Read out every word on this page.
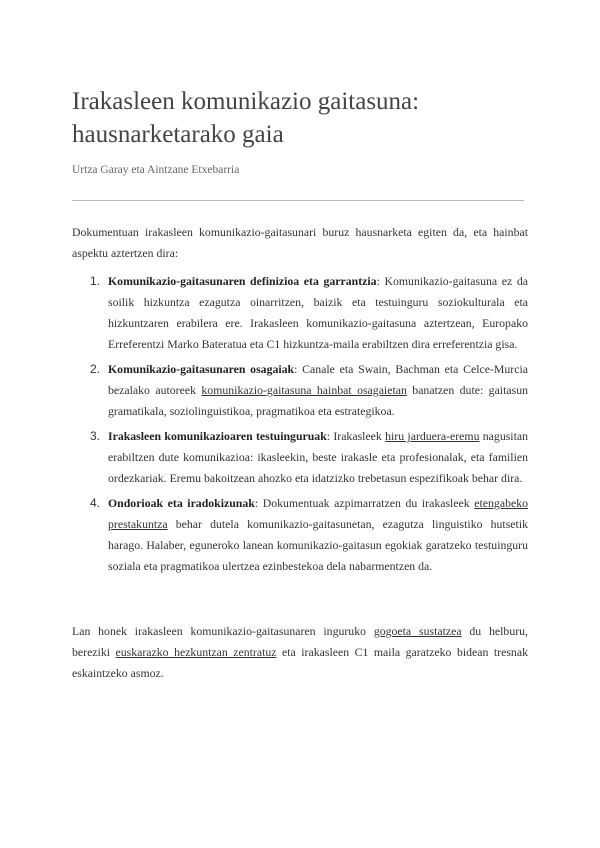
Irakasleen komunikazio gaitasuna: hausnarketarako gaia

Urtza Garay eta Aintzane Etxebarria

Dokumentuan irakasleen komunikazio-gaitasunari buruz hausnarketa egiten da, eta hainbat aspektu aztertzen dira:

1. Komunikazio-gaitasunaren definizioa eta garrantzia: Komunikazio-gaitasuna ez da soilik hizkuntza ezagutza oinarritzen, baizik eta testuinguru soziokulturala eta hizkuntzaren erabilera ere. Irakasleen komunikazio-gaitasuna aztertzean, Europako Erreferentzi Marko Bateratua eta C1 hizkuntza-maila erabiltzen dira erreferentzia gisa.
2. Komunikazio-gaitasunaren osagaiak: Canale eta Swain, Bachman eta Celce-Murcia bezalako autoreek komunikazio-gaitasuna hainbat osagaietan banatzen dute: gaitasun gramatikala, soziolinguistikoa, pragmatikoa eta estrategikoa.
3. Irakasleen komunikazioaren testuinguruak: Irakasleek hiru jarduera-eremu nagusitan erabiltzen dute komunikazioa: ikasleekin, beste irakasle eta profesionalak, eta familien ordezkariak. Eremu bakoitzean ahozko eta idatzizko trebetasun espezifikoak behar dira.
4. Ondorioak eta iradokizunak: Dokumentuak azpimarratzen du irakasleek etengabeko prestakuntza behar dutela komunikazio-gaitasunetan, ezagutza linguistiko hutsetik harago. Halaber, eguneroko lanean komunikazio-gaitasun egokiak garatzeko testuinguru soziala eta pragmatikoa ulertzea ezinbestekoa dela nabarmentzen da.

Lan honek irakasleen komunikazio-gaitasunaren inguruko gogoeta sustatzea du helburu, bereziki euskarazko hezkuntzan zentratuz eta irakasleen C1 maila garatzeko bidean tresnak eskaintzeko asmoz.
